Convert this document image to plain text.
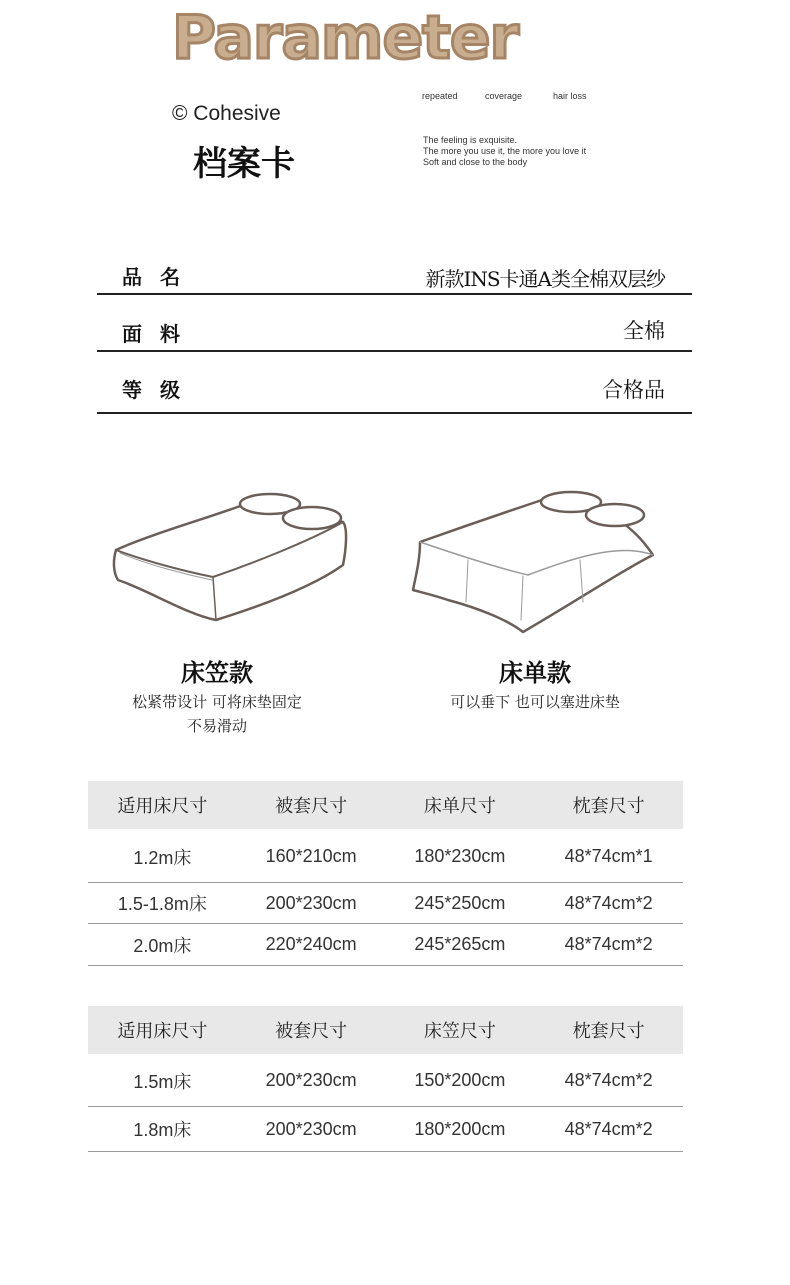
Parameter
© Cohesive
档案卡
repeated	coverage	hair loss
The feeling is exquisite.
The more you use it, the more you love it
Soft and close to the body
品名	新款INS卡通A类全棉双层纱
面料	全棉
等级	合格品
床笠款
松紧带设计 可将床垫固定
不易滑动
床单款
可以垂下 也可以塞进床垫
适用床尺寸	被套尺寸	床单尺寸	枕套尺寸
1.2m床	160*210cm	180*230cm	48*74cm*1
1.5-1.8m床	200*230cm	245*250cm	48*74cm*2
2.0m床	220*240cm	245*265cm	48*74cm*2
适用床尺寸	被套尺寸	床笠尺寸	枕套尺寸
1.5m床	200*230cm	150*200cm	48*74cm*2
1.8m床	200*230cm	180*200cm	48*74cm*2
